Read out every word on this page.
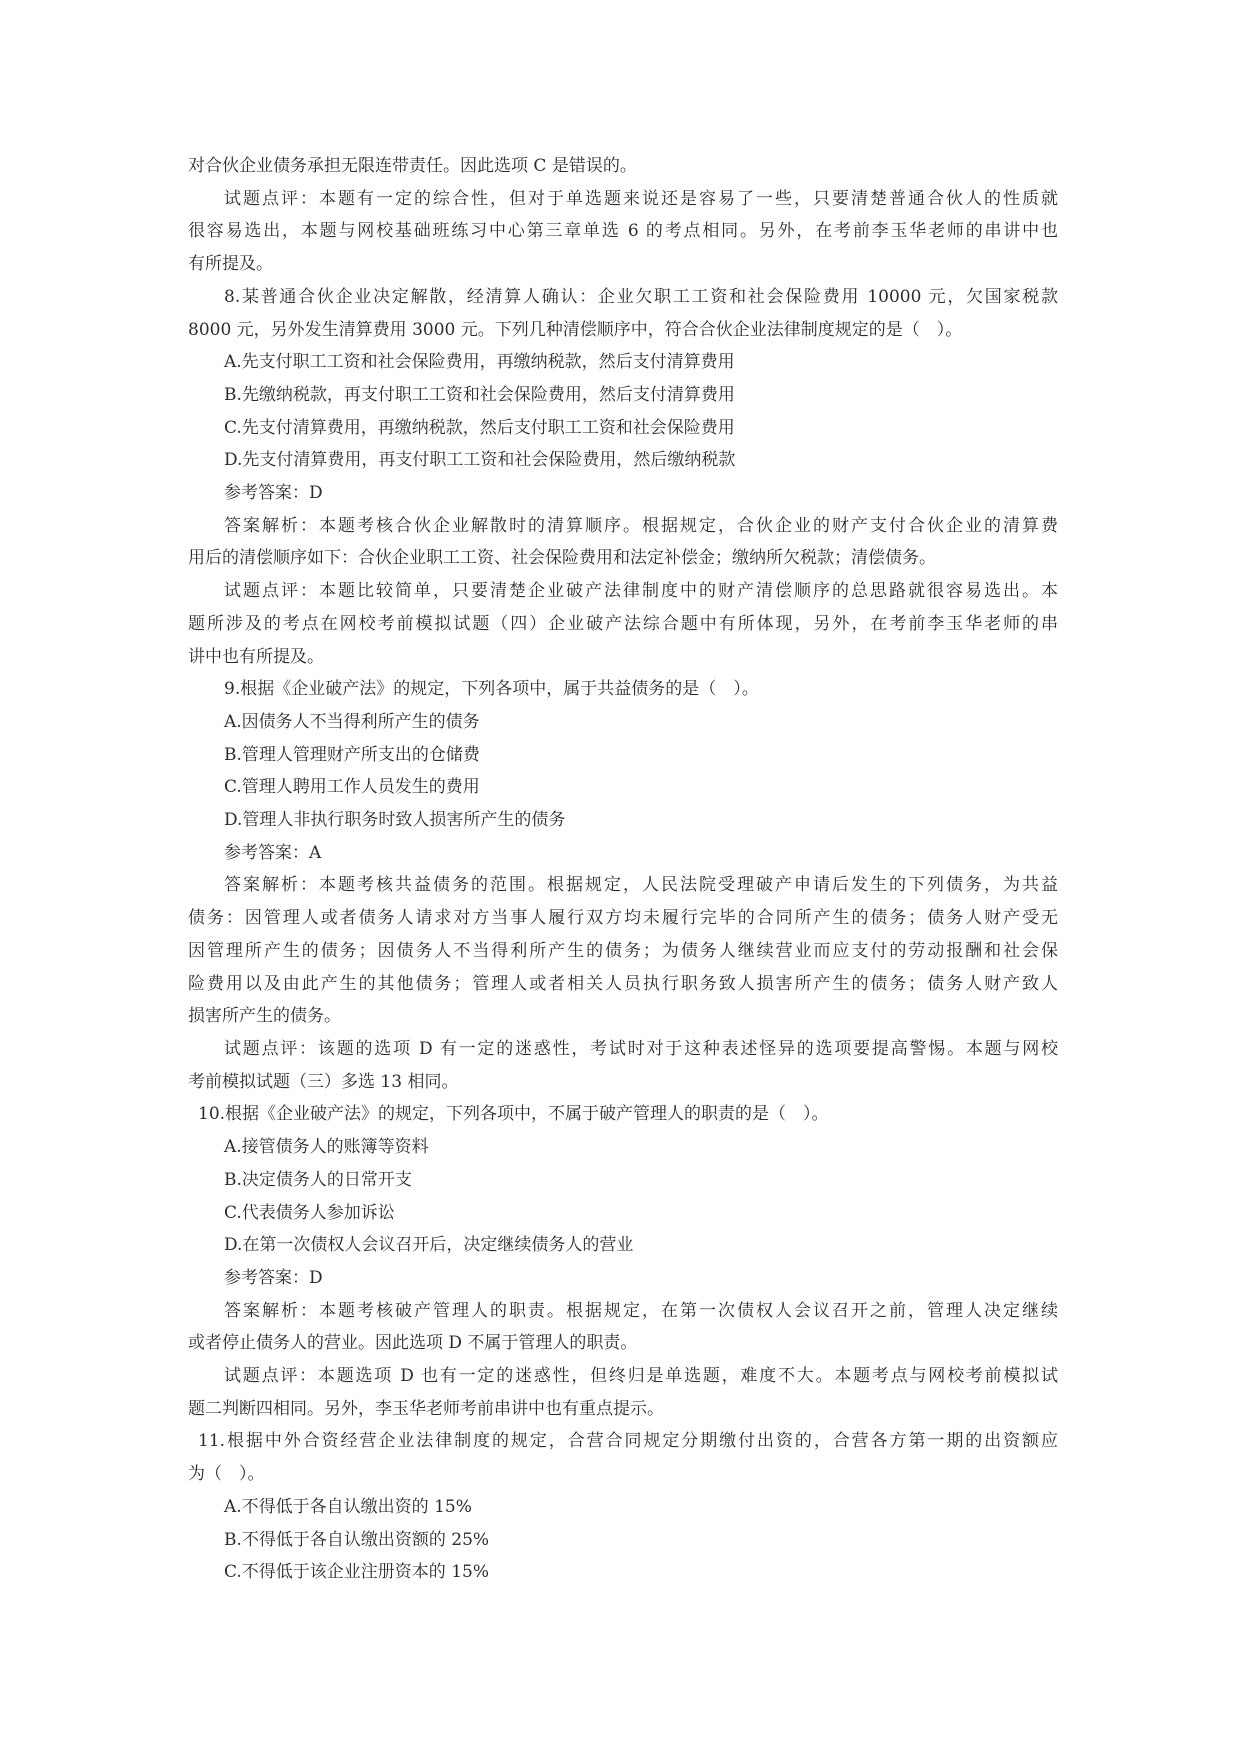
对合伙企业债务承担无限连带责任。因此选项 C 是错误的。

试题点评：本题有一定的综合性，但对于单选题来说还是容易了一些，只要清楚普通合伙人的性质就

很容易选出，本题与网校基础班练习中心第三章单选 6 的考点相同。另外，在考前李玉华老师的串讲中也

有所提及。

8.某普通合伙企业决定解散，经清算人确认：企业欠职工工资和社会保险费用 10000 元，欠国家税款

8000 元，另外发生清算费用 3000 元。下列几种清偿顺序中，符合合伙企业法律制度规定的是（　）。

A.先支付职工工资和社会保险费用，再缴纳税款，然后支付清算费用

B.先缴纳税款，再支付职工工资和社会保险费用，然后支付清算费用

C.先支付清算费用，再缴纳税款，然后支付职工工资和社会保险费用

D.先支付清算费用，再支付职工工资和社会保险费用，然后缴纳税款

参考答案：D

答案解析：本题考核合伙企业解散时的清算顺序。根据规定，合伙企业的财产支付合伙企业的清算费

用后的清偿顺序如下：合伙企业职工工资、社会保险费用和法定补偿金；缴纳所欠税款；清偿债务。

试题点评：本题比较简单，只要清楚企业破产法律制度中的财产清偿顺序的总思路就很容易选出。本

题所涉及的考点在网校考前模拟试题（四）企业破产法综合题中有所体现，另外，在考前李玉华老师的串

讲中也有所提及。

9.根据《企业破产法》的规定，下列各项中，属于共益债务的是（　）。

A.因债务人不当得利所产生的债务

B.管理人管理财产所支出的仓储费

C.管理人聘用工作人员发生的费用

D.管理人非执行职务时致人损害所产生的债务

参考答案：A

答案解析：本题考核共益债务的范围。根据规定，人民法院受理破产申请后发生的下列债务，为共益

债务：因管理人或者债务人请求对方当事人履行双方均未履行完毕的合同所产生的债务；债务人财产受无

因管理所产生的债务；因债务人不当得利所产生的债务；为债务人继续营业而应支付的劳动报酬和社会保

险费用以及由此产生的其他债务；管理人或者相关人员执行职务致人损害所产生的债务；债务人财产致人

损害所产生的债务。

试题点评：该题的选项 D 有一定的迷惑性，考试时对于这种表述怪异的选项要提高警惕。本题与网校

考前模拟试题（三）多选 13 相同。

10.根据《企业破产法》的规定，下列各项中，不属于破产管理人的职责的是（　）。

A.接管债务人的账簿等资料

B.决定债务人的日常开支

C.代表债务人参加诉讼

D.在第一次债权人会议召开后，决定继续债务人的营业

参考答案：D

答案解析：本题考核破产管理人的职责。根据规定，在第一次债权人会议召开之前，管理人决定继续

或者停止债务人的营业。因此选项 D 不属于管理人的职责。

试题点评：本题选项 D 也有一定的迷惑性，但终归是单选题，难度不大。本题考点与网校考前模拟试

题二判断四相同。另外，李玉华老师考前串讲中也有重点提示。

11.根据中外合资经营企业法律制度的规定，合营合同规定分期缴付出资的，合营各方第一期的出资额应

为（　）。

A.不得低于各自认缴出资的 15%

B.不得低于各自认缴出资额的 25%

C.不得低于该企业注册资本的 15%
